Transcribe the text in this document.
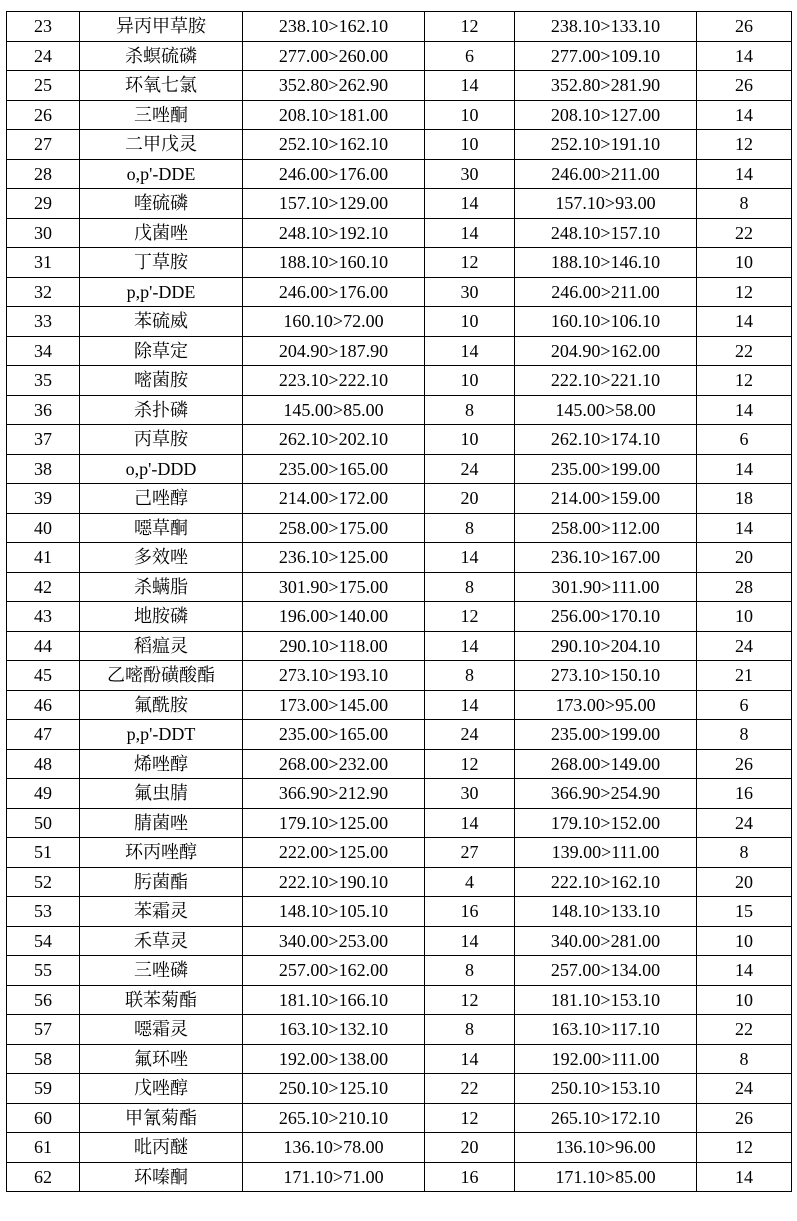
23	异丙甲草胺	238.10>162.10	12	238.10>133.10	26
24	杀螟硫磷	277.00>260.00	6	277.00>109.10	14
25	环氧七氯	352.80>262.90	14	352.80>281.90	26
26	三唑酮	208.10>181.00	10	208.10>127.00	14
27	二甲戊灵	252.10>162.10	10	252.10>191.10	12
28	o,p'-DDE	246.00>176.00	30	246.00>211.00	14
29	喹硫磷	157.10>129.00	14	157.10>93.00	8
30	戊菌唑	248.10>192.10	14	248.10>157.10	22
31	丁草胺	188.10>160.10	12	188.10>146.10	10
32	p,p'-DDE	246.00>176.00	30	246.00>211.00	12
33	苯硫威	160.10>72.00	10	160.10>106.10	14
34	除草定	204.90>187.90	14	204.90>162.00	22
35	嘧菌胺	223.10>222.10	10	222.10>221.10	12
36	杀扑磷	145.00>85.00	8	145.00>58.00	14
37	丙草胺	262.10>202.10	10	262.10>174.10	6
38	o,p'-DDD	235.00>165.00	24	235.00>199.00	14
39	己唑醇	214.00>172.00	20	214.00>159.00	18
40	噁草酮	258.00>175.00	8	258.00>112.00	14
41	多效唑	236.10>125.00	14	236.10>167.00	20
42	杀螨脂	301.90>175.00	8	301.90>111.00	28
43	地胺磷	196.00>140.00	12	256.00>170.10	10
44	稻瘟灵	290.10>118.00	14	290.10>204.10	24
45	乙嘧酚磺酸酯	273.10>193.10	8	273.10>150.10	21
46	氟酰胺	173.00>145.00	14	173.00>95.00	6
47	p,p'-DDT	235.00>165.00	24	235.00>199.00	8
48	烯唑醇	268.00>232.00	12	268.00>149.00	26
49	氟虫腈	366.90>212.90	30	366.90>254.90	16
50	腈菌唑	179.10>125.00	14	179.10>152.00	24
51	环丙唑醇	222.00>125.00	27	139.00>111.00	8
52	肟菌酯	222.10>190.10	4	222.10>162.10	20
53	苯霜灵	148.10>105.10	16	148.10>133.10	15
54	禾草灵	340.00>253.00	14	340.00>281.00	10
55	三唑磷	257.00>162.00	8	257.00>134.00	14
56	联苯菊酯	181.10>166.10	12	181.10>153.10	10
57	噁霜灵	163.10>132.10	8	163.10>117.10	22
58	氟环唑	192.00>138.00	14	192.00>111.00	8
59	戊唑醇	250.10>125.10	22	250.10>153.10	24
60	甲氰菊酯	265.10>210.10	12	265.10>172.10	26
61	吡丙醚	136.10>78.00	20	136.10>96.00	12
62	环嗪酮	171.10>71.00	16	171.10>85.00	14
